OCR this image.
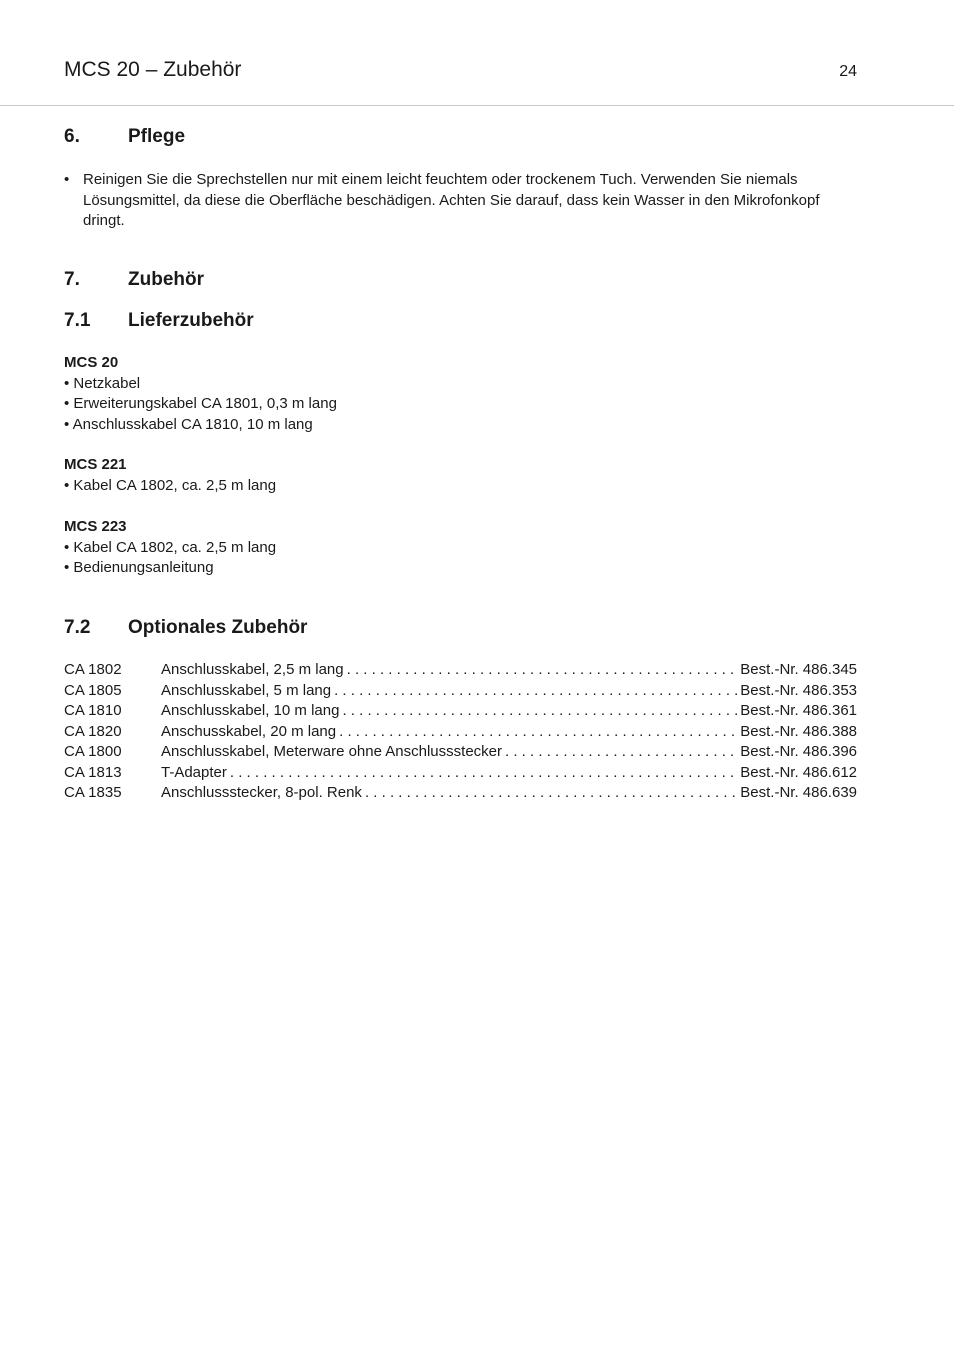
MCS 20 – Zubehör	24
6.	Pflege
• Reinigen Sie die Sprechstellen nur mit einem leicht feuchtem oder trockenem Tuch. Verwenden Sie niemals Lösungsmittel, da diese die Oberfläche beschädigen. Achten Sie darauf, dass kein Wasser in den Mikrofonkopf dringt.
7.	Zubehör
7.1 Lieferzubehör
MCS 20
• Netzkabel
• Erweiterungskabel CA 1801, 0,3 m lang
• Anschlusskabel CA 1810, 10 m lang
MCS 221
• Kabel CA 1802, ca. 2,5 m lang
MCS 223
• Kabel CA 1802, ca. 2,5 m lang
• Bedienungsanleitung
7.2 Optionales Zubehör
CA 1802	Anschlusskabel, 2,5 m lang . . .	Best.-Nr. 486.345
CA 1805	Anschlusskabel, 5 m lang . . .	Best.-Nr. 486.353
CA 1810	Anschlusskabel, 10 m lang . . .	Best.-Nr. 486.361
CA 1820	Anschusskabel, 20 m lang . . .	Best.-Nr. 486.388
CA 1800	Anschlusskabel, Meterware ohne Anschlussstecker . . .	Best.-Nr. 486.396
CA 1813	T-Adapter . . .	Best.-Nr. 486.612
CA 1835	Anschlussstecker, 8-pol. Renk . . .	Best.-Nr. 486.639
